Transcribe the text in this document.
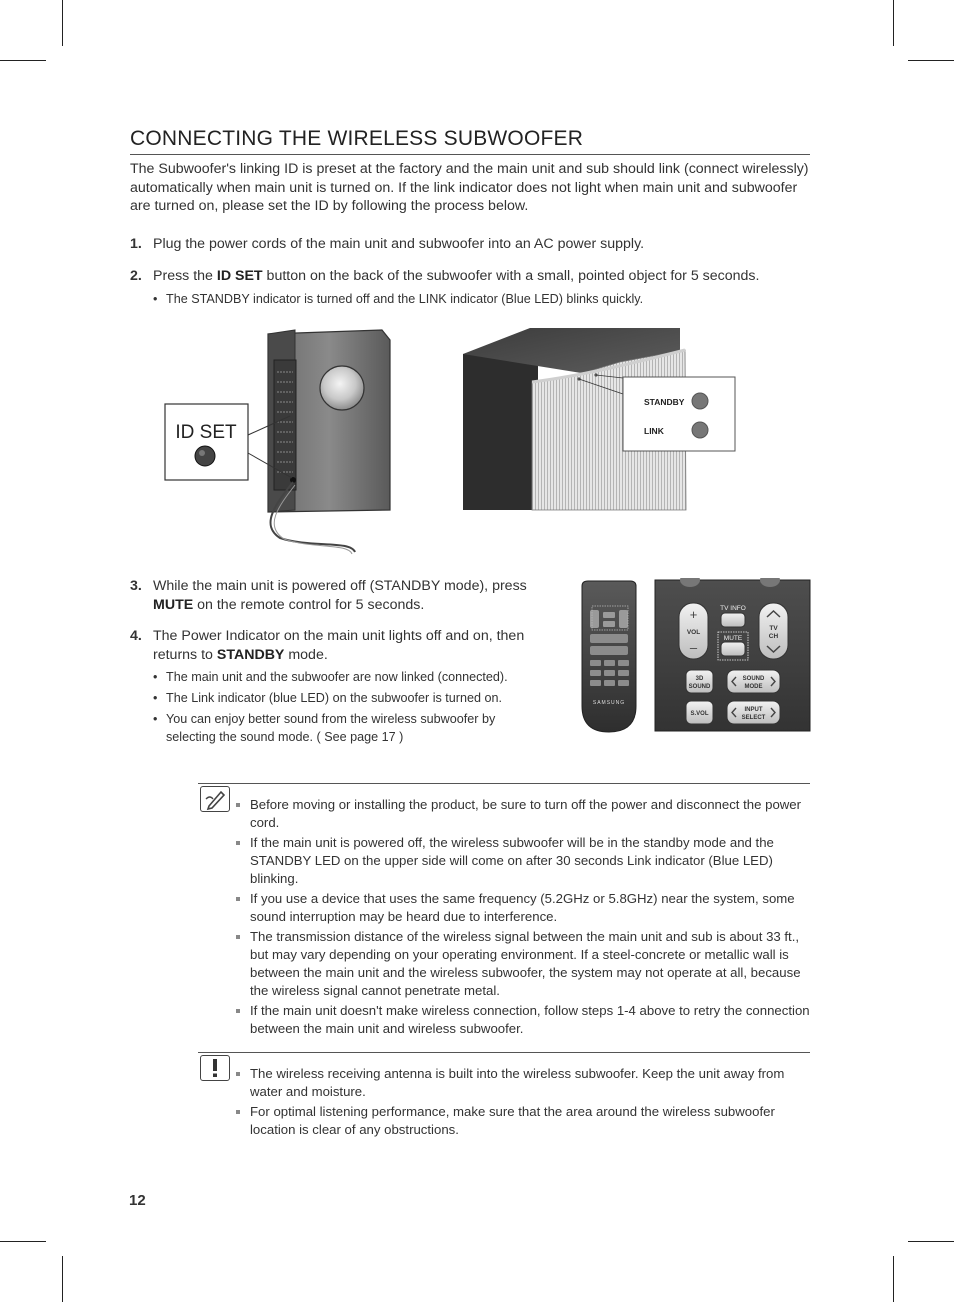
CONNECTING THE WIRELESS SUBWOOFER

The Subwoofer's linking ID is preset at the factory and the main unit and sub should link (connect wirelessly) automatically when main unit is turned on. If the link indicator does not light when main unit and subwoofer are turned on, please set the ID by following the process below.

1. Plug the power cords of the main unit and subwoofer into an AC power supply.
2. Press the ID SET button on the back of the subwoofer with a small, pointed object for 5 seconds.
• The STANDBY indicator is turned off and the LINK indicator (Blue LED) blinks quickly.
ID SET
STANDBY
LINK
3. While the main unit is powered off (STANDBY mode), press MUTE on the remote control for 5 seconds.
4. The Power Indicator on the main unit lights off and on, then returns to STANDBY mode.
• The main unit and the subwoofer are now linked (connected).
• The Link indicator (blue LED) on the subwoofer is turned on.
• You can enjoy better sound from the wireless subwoofer by selecting the sound mode. ( See page 17 )
SAMSUNG
+
VOL
–
TV INFO
MUTE
TV
CH
3D
SOUND
SOUND
MODE
S.VOL
INPUT
SELECT
Before moving or installing the product, be sure to turn off the power and disconnect the power cord.
If the main unit is powered off, the wireless subwoofer will be in the standby mode and the STANDBY LED on the upper side will come on after 30 seconds Link indicator (Blue LED) blinking.
If you use a device that uses the same frequency (5.2GHz or 5.8GHz) near the system, some sound interruption may be heard due to interference.
The transmission distance of the wireless signal between the main unit and sub is about 33 ft., but may vary depending on your operating environment. If a steel-concrete or metallic wall is between the main unit and the wireless subwoofer, the system may not operate at all, because the wireless signal cannot penetrate metal.
If the main unit doesn't make wireless connection, follow steps 1-4 above to retry the connection between the main unit and wireless subwoofer.
The wireless receiving antenna is built into the wireless subwoofer. Keep the unit away from water and moisture.
For optimal listening performance, make sure that the area around the wireless subwoofer location is clear of any obstructions.
12
